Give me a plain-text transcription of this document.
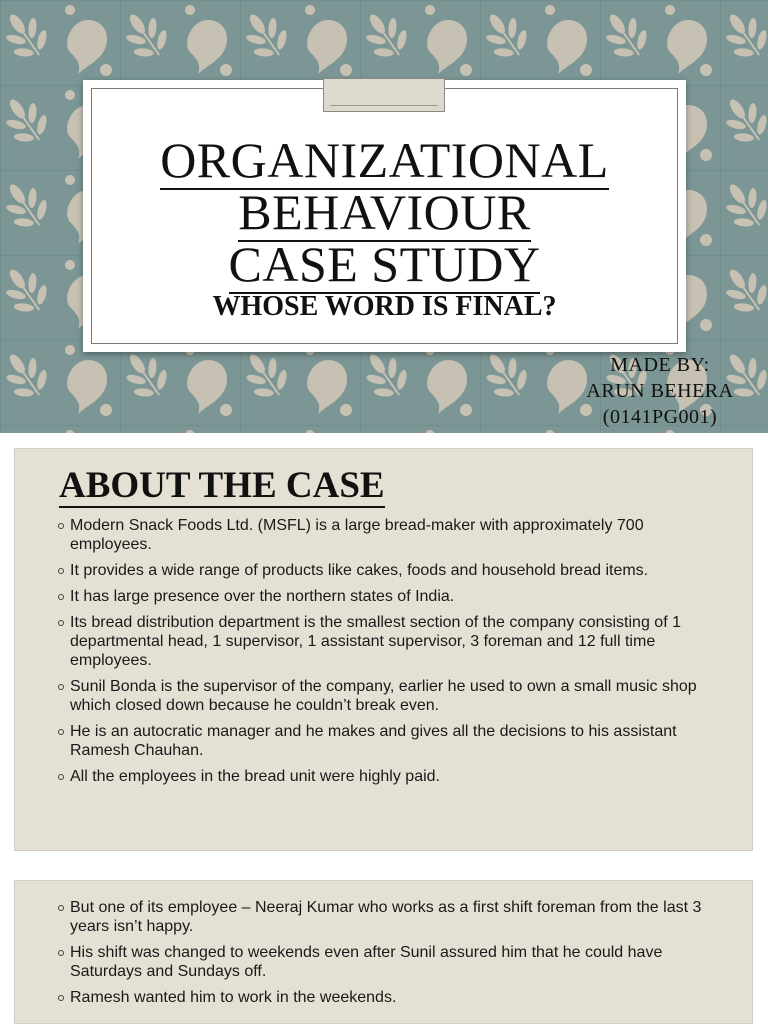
ORGANIZATIONAL
BEHAVIOUR
CASE STUDY
WHOSE WORD IS FINAL?
MADE BY:
ARUN BEHERA
(0141PG001)
ABOUT THE CASE
Modern Snack Foods Ltd. (MSFL) is a large bread-maker with approximately 700 employees.
It provides a wide range of products like cakes, foods and household bread items.
It has large presence over the northern states of India.
Its bread distribution department is the smallest section of the company consisting of 1 departmental head, 1 supervisor, 1 assistant supervisor, 3 foreman and 12 full time employees.
Sunil Bonda is the supervisor of the company, earlier he used to own a small music shop which closed down because he couldn’t break even.
He is an autocratic manager and he makes and gives all the decisions to his assistant Ramesh Chauhan.
All the employees in the bread unit were highly paid.
But one of its employee – Neeraj Kumar who works as a first shift foreman from the last 3 years isn’t happy.
His shift was changed to weekends even after Sunil assured him that he could have Saturdays and Sundays off.
Ramesh wanted him to work in the weekends.
